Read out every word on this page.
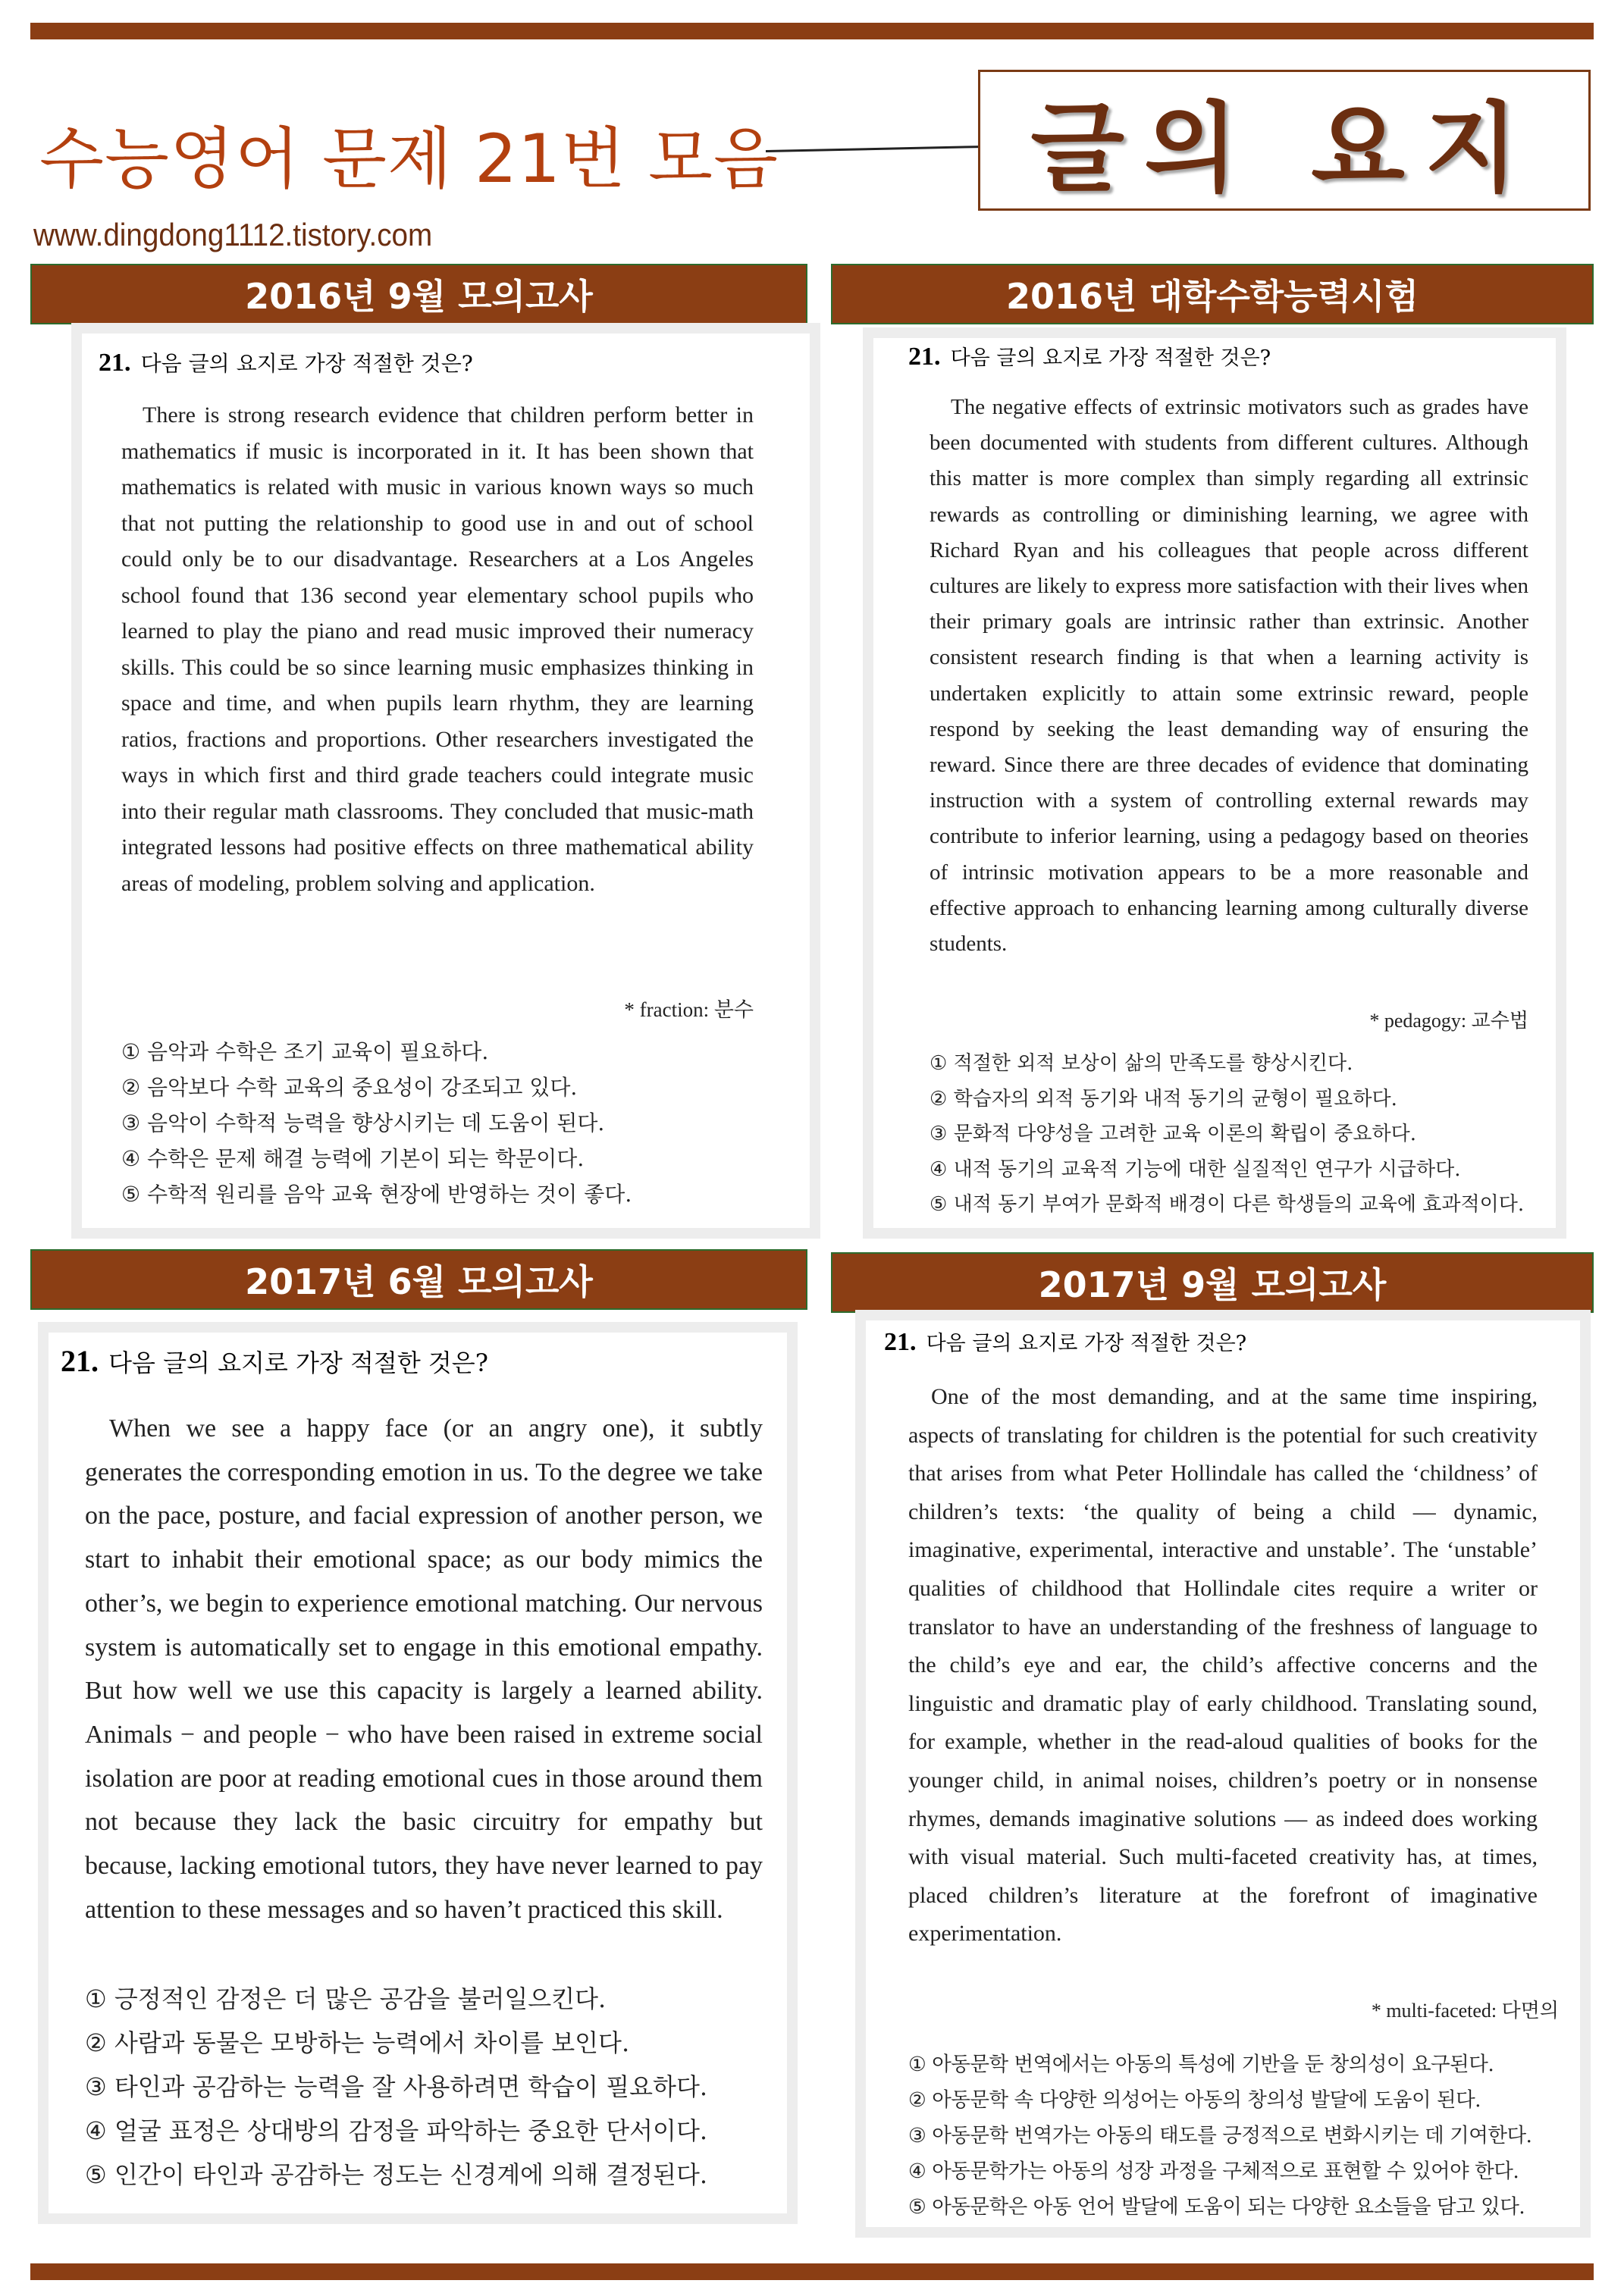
수능영어 문제 21번 모음	글의 요지
www.dingdong1112.tistory.com
2016년 9월 모의고사
21. 다음 글의 요지로 가장 적절한 것은?

There is strong research evidence that children perform better in mathematics if music is incorporated in it. It has been shown that mathematics is related with music in various known ways so much that not putting the relationship to good use in and out of school could only be to our disadvantage. Researchers at a Los Angeles school found that 136 second year elementary school pupils who learned to play the piano and read music improved their numeracy skills. This could be so since learning music emphasizes thinking in space and time, and when pupils learn rhythm, they are learning ratios, fractions and proportions. Other researchers investigated the ways in which first and third grade teachers could integrate music into their regular math classrooms. They concluded that music-math integrated lessons had positive effects on three mathematical ability areas of modeling, problem solving and application.

* fraction: 분수
① 음악과 수학은 조기 교육이 필요하다.
② 음악보다 수학 교육의 중요성이 강조되고 있다.
③ 음악이 수학적 능력을 향상시키는 데 도움이 된다.
④ 수학은 문제 해결 능력에 기본이 되는 학문이다.
⑤ 수학적 원리를 음악 교육 현장에 반영하는 것이 좋다.
2016년 대학수학능력시험
21. 다음 글의 요지로 가장 적절한 것은?

The negative effects of extrinsic motivators such as grades have been documented with students from different cultures. Although this matter is more complex than simply regarding all extrinsic rewards as controlling or diminishing learning, we agree with Richard Ryan and his colleagues that people across different cultures are likely to express more satisfaction with their lives when their primary goals are intrinsic rather than extrinsic. Another consistent research finding is that when a learning activity is undertaken explicitly to attain some extrinsic reward, people respond by seeking the least demanding way of ensuring the reward. Since there are three decades of evidence that dominating instruction with a system of controlling external rewards may contribute to inferior learning, using a pedagogy based on theories of intrinsic motivation appears to be a more reasonable and effective approach to enhancing learning among culturally diverse students.

* pedagogy: 교수법
① 적절한 외적 보상이 삶의 만족도를 향상시킨다.
② 학습자의 외적 동기와 내적 동기의 균형이 필요하다.
③ 문화적 다양성을 고려한 교육 이론의 확립이 중요하다.
④ 내적 동기의 교육적 기능에 대한 실질적인 연구가 시급하다.
⑤ 내적 동기 부여가 문화적 배경이 다른 학생들의 교육에 효과적이다.
2017년 6월 모의고사
21. 다음 글의 요지로 가장 적절한 것은?

When we see a happy face (or an angry one), it subtly generates the corresponding emotion in us. To the degree we take on the pace, posture, and facial expression of another person, we start to inhabit their emotional space; as our body mimics the other’s, we begin to experience emotional matching. Our nervous system is automatically set to engage in this emotional empathy. But how well we use this capacity is largely a learned ability. Animals − and people − who have been raised in extreme social isolation are poor at reading emotional cues in those around them not because they lack the basic circuitry for empathy but because, lacking emotional tutors, they have never learned to pay attention to these messages and so haven’t practiced this skill.

① 긍정적인 감정은 더 많은 공감을 불러일으킨다.
② 사람과 동물은 모방하는 능력에서 차이를 보인다.
③ 타인과 공감하는 능력을 잘 사용하려면 학습이 필요하다.
④ 얼굴 표정은 상대방의 감정을 파악하는 중요한 단서이다.
⑤ 인간이 타인과 공감하는 정도는 신경계에 의해 결정된다.
2017년 9월 모의고사
21. 다음 글의 요지로 가장 적절한 것은?

One of the most demanding, and at the same time inspiring, aspects of translating for children is the potential for such creativity that arises from what Peter Hollindale has called the ‘childness’ of children’s texts: ‘the quality of being a child — dynamic, imaginative, experimental, interactive and unstable’. The ‘unstable’ qualities of childhood that Hollindale cites require a writer or translator to have an understanding of the freshness of language to the child’s eye and ear, the child’s affective concerns and the linguistic and dramatic play of early childhood. Translating sound, for example, whether in the read-aloud qualities of books for the younger child, in animal noises, children’s poetry or in nonsense rhymes, demands imaginative solutions — as indeed does working with visual material. Such multi-faceted creativity has, at times, placed children’s literature at the forefront of imaginative experimentation.

* multi-faceted: 다면의
① 아동문학 번역에서는 아동의 특성에 기반을 둔 창의성이 요구된다.
② 아동문학 속 다양한 의성어는 아동의 창의성 발달에 도움이 된다.
③ 아동문학 번역가는 아동의 태도를 긍정적으로 변화시키는 데 기여한다.
④ 아동문학가는 아동의 성장 과정을 구체적으로 표현할 수 있어야 한다.
⑤ 아동문학은 아동 언어 발달에 도움이 되는 다양한 요소들을 담고 있다.
